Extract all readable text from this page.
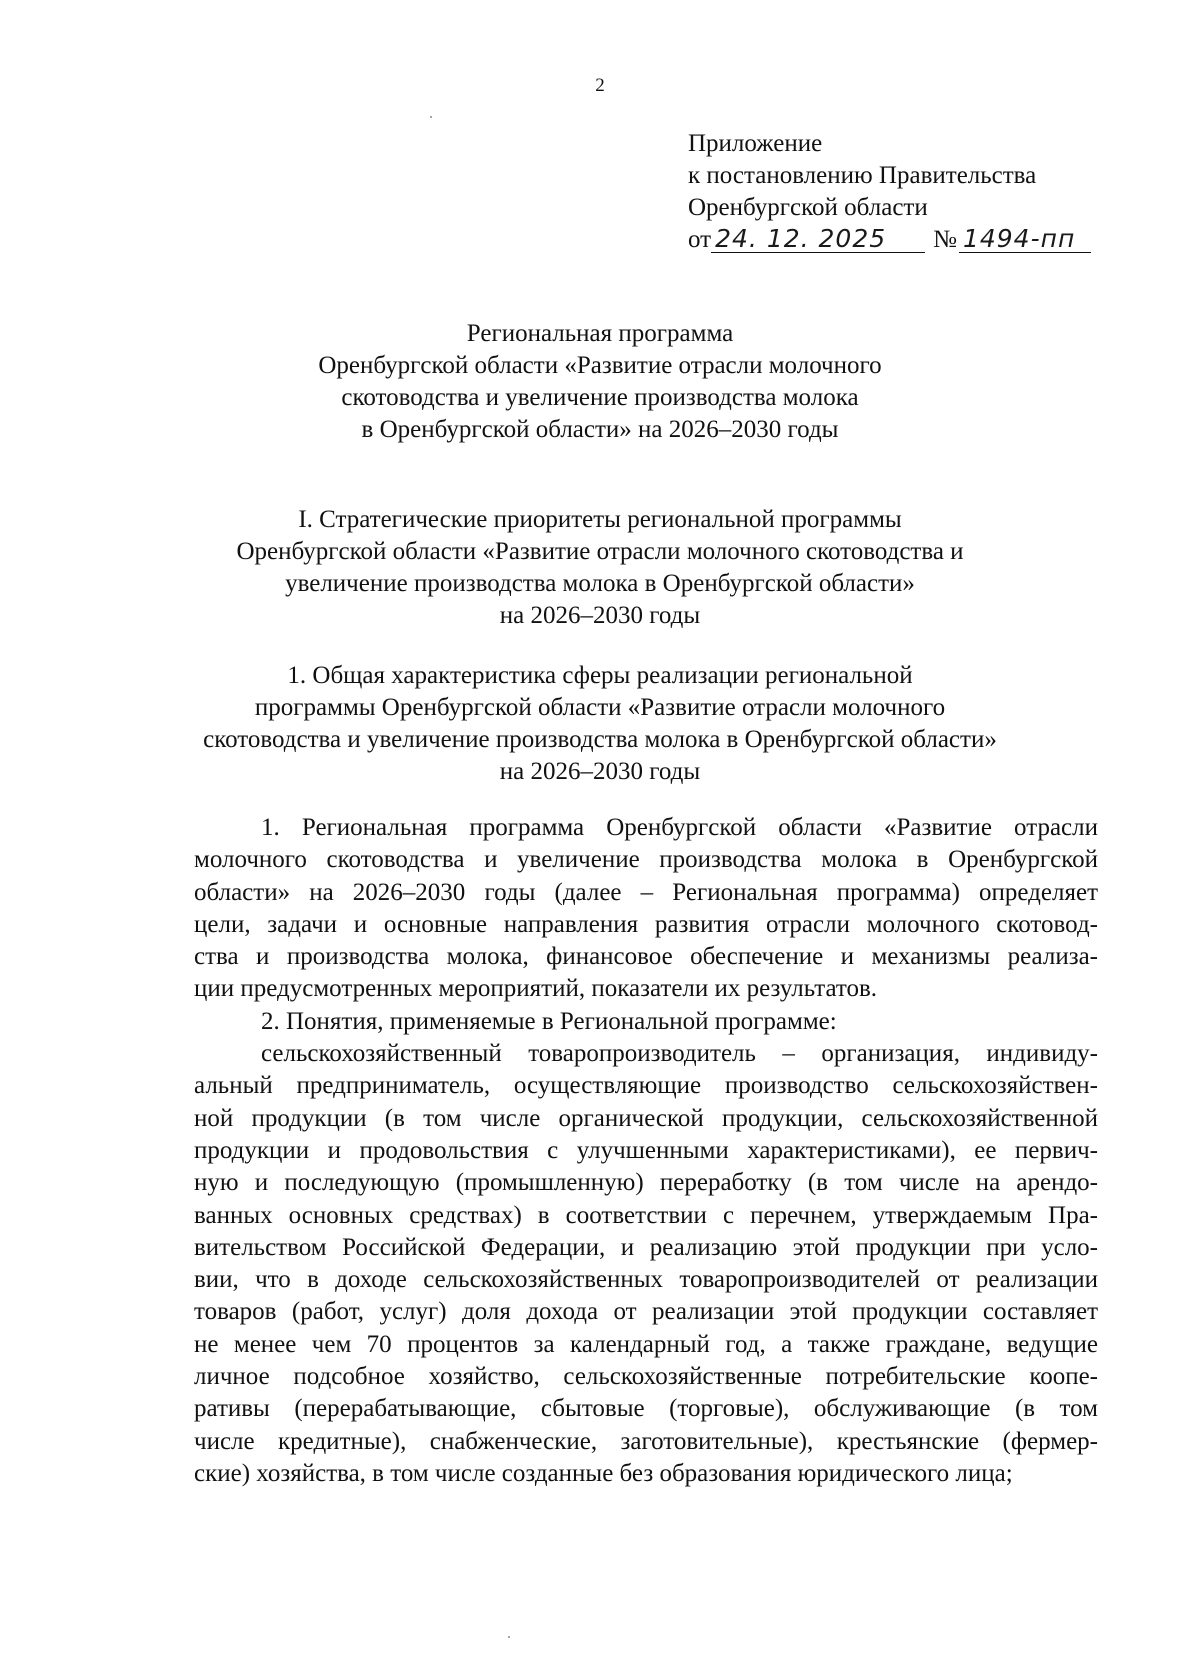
2
Приложение
к постановлению Правительства
Оренбургской области
от 24. 12. 2025 № 1494-пп
Региональная программа
Оренбургской области «Развитие отрасли молочного
скотоводства и увеличение производства молока
в Оренбургской области» на 2026–2030 годы
I. Стратегические приоритеты региональной программы
Оренбургской области «Развитие отрасли молочного скотоводства и
увеличение производства молока в Оренбургской области»
на 2026–2030 годы
1. Общая характеристика сферы реализации региональной
программы Оренбургской области «Развитие отрасли молочного
скотоводства и увеличение производства молока в Оренбургской области»
на 2026–2030 годы

1. Региональная программа Оренбургской области «Развитие отрасли

молочного скотоводства и увеличение производства молока в Оренбургской

области» на 2026–2030 годы (далее – Региональная программа) определяет

цели, задачи и основные направления развития отрасли молочного скотовод-

ства и производства молока, финансовое обеспечение и механизмы реализа-

ции предусмотренных мероприятий, показатели их результатов.

2. Понятия, применяемые в Региональной программе:

сельскохозяйственный товаропроизводитель – организация, индивиду-

альный предприниматель, осуществляющие производство сельскохозяйствен-

ной продукции (в том числе органической продукции, сельскохозяйственной

продукции и продовольствия с улучшенными характеристиками), ее первич-

ную и последующую (промышленную) переработку (в том числе на арендо-

ванных основных средствах) в соответствии с перечнем, утверждаемым Пра-

вительством Российской Федерации, и реализацию этой продукции при усло-

вии, что в доходе сельскохозяйственных товаропроизводителей от реализации

товаров (работ, услуг) доля дохода от реализации этой продукции составляет

не менее чем 70 процентов за календарный год, а также граждане, ведущие

личное подсобное хозяйство, сельскохозяйственные потребительские коопе-

ративы (перерабатывающие, сбытовые (торговые), обслуживающие (в том

числе кредитные), снабженческие, заготовительные), крестьянские (фермер-

ские) хозяйства, в том числе созданные без образования юридического лица;
